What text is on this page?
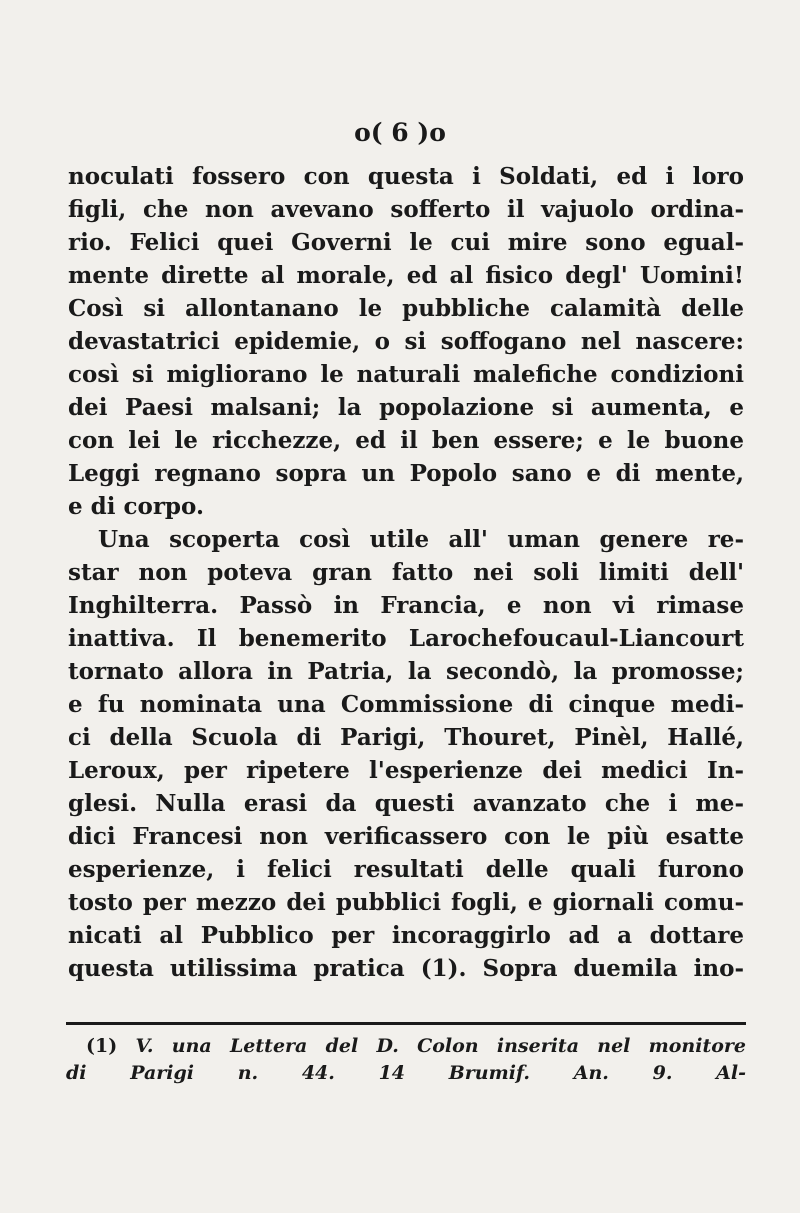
o( 6 )o
noculati fossero con questa i Soldati, ed i loro
figli, che non avevano sofferto il vajuolo ordina-
rio. Felici quei Governi le cui mire sono egual-
mente dirette al morale, ed al fisico degl' Uomini!
Così si allontanano le pubbliche calamità delle
devastatrici epidemie, o si soffogano nel nascere:
così si migliorano le naturali malefiche condizioni
dei Paesi malsani; la popolazione si aumenta, e
con lei le ricchezze, ed il ben essere; e le buone
Leggi regnano sopra un Popolo sano e di mente,
e di corpo.
Una scoperta così utile all' uman genere re-
star non poteva gran fatto nei soli limiti dell'
Inghilterra. Passò in Francia, e non vi rimase
inattiva. Il benemerito Larochefoucaul-Liancourt
tornato allora in Patria, la secondò, la promosse;
e fu nominata una Commissione di cinque medi-
ci della Scuola di Parigi, Thouret, Pinèl, Hallé,
Leroux, per ripetere l'esperienze dei medici In-
glesi. Nulla erasi da questi avanzato che i me-
dici Francesi non verificassero con le più esatte
esperienze, i felici resultati delle quali furono
tosto per mezzo dei pubblici fogli, e giornali comu-
nicati al Pubblico per incoraggirlo ad a dottare
questa utilissima pratica (1). Sopra duemila ino-
(1) V. una Lettera del D. Colon inserita nel monitore
di Parigi n. 44. 14 Brumif. An. 9. Al-
